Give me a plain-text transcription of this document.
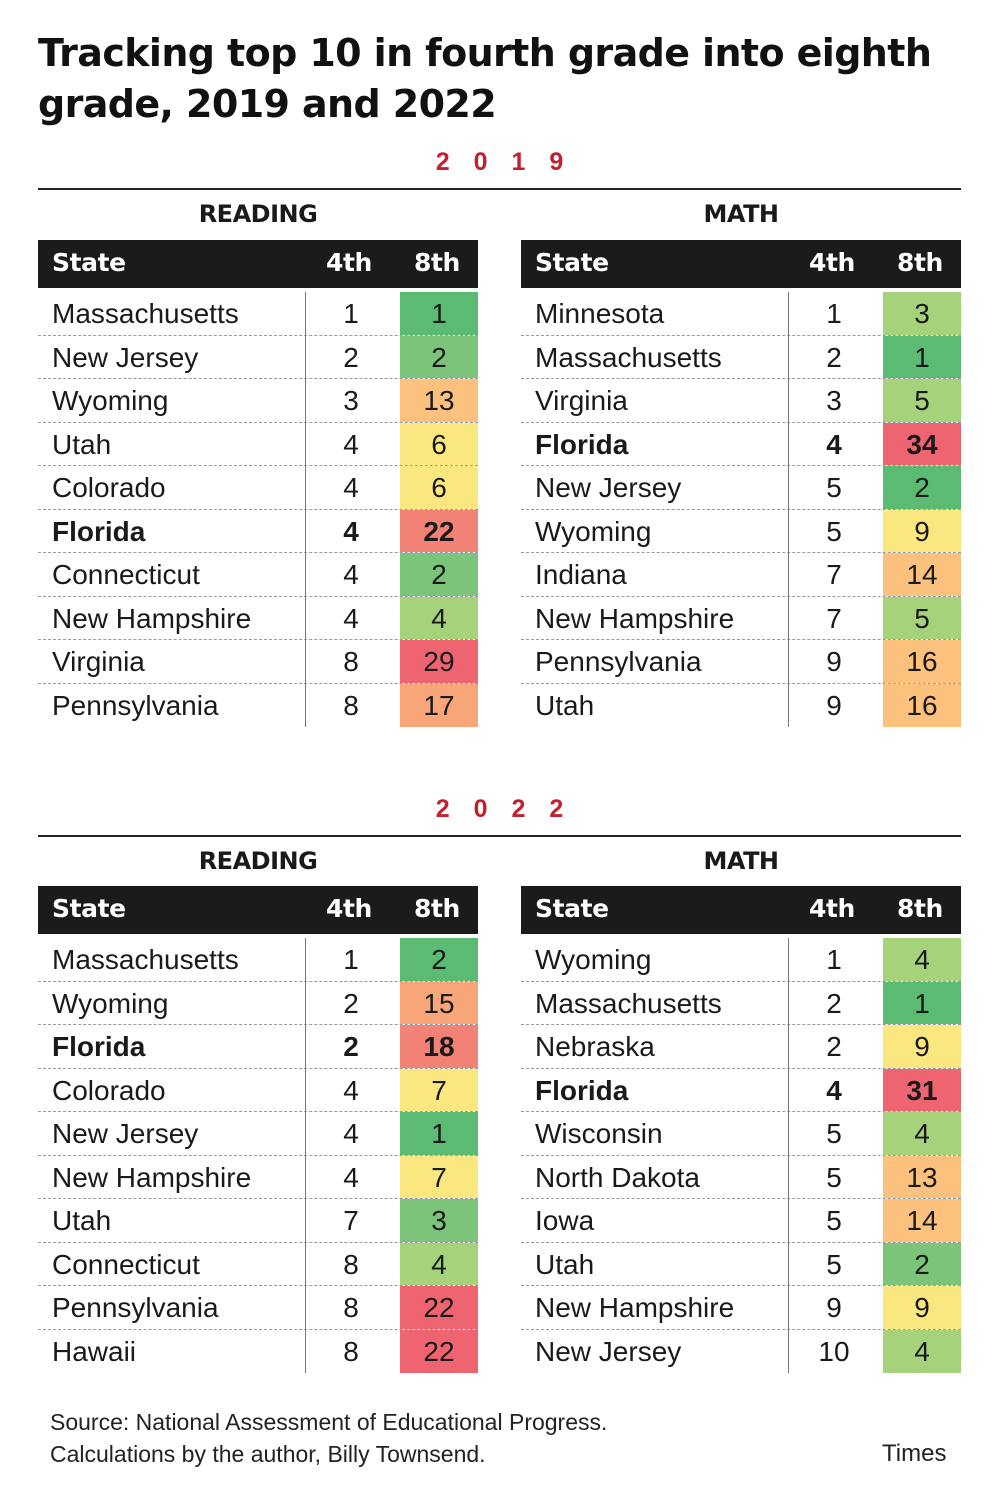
Tracking top 10 in fourth grade into eighth grade, 2019 and 2022
2019
READING	MATH
State	4th 8th
Massachusetts	1	1
New Jersey	2	2
Wyoming	3	13
Utah	4	6
Colorado	4	6
Florida	4	22
Connecticut	4	2
New Hampshire	4	4
Virginia	8	29
Pennsylvania	8	17
State	4th 8th
Minnesota	1	3
Massachusetts	2	1
Virginia	3	5
Florida	4	34
New Jersey	5	2
Wyoming	5	9
Indiana	7	14
New Hampshire	7	5
Pennsylvania	9	16
Utah	9	16
2022
READING	MATH
State	4th 8th
Massachusetts	1	2
Wyoming	2	15
Florida	2	18
Colorado	4	7
New Jersey	4	1
New Hampshire	4	7
Utah	7	3
Connecticut	8	4
Pennsylvania	8	22
Hawaii	8	22
State	4th 8th
Wyoming	1	4
Massachusetts	2	1
Nebraska	2	9
Florida	4	31
Wisconsin	5	4
North Dakota	5	13
Iowa	5	14
Utah	5	2
New Hampshire	9	9
New Jersey	10	4
Source: National Assessment of Educational Progress.
Calculations by the author, Billy Townsend.	Times
